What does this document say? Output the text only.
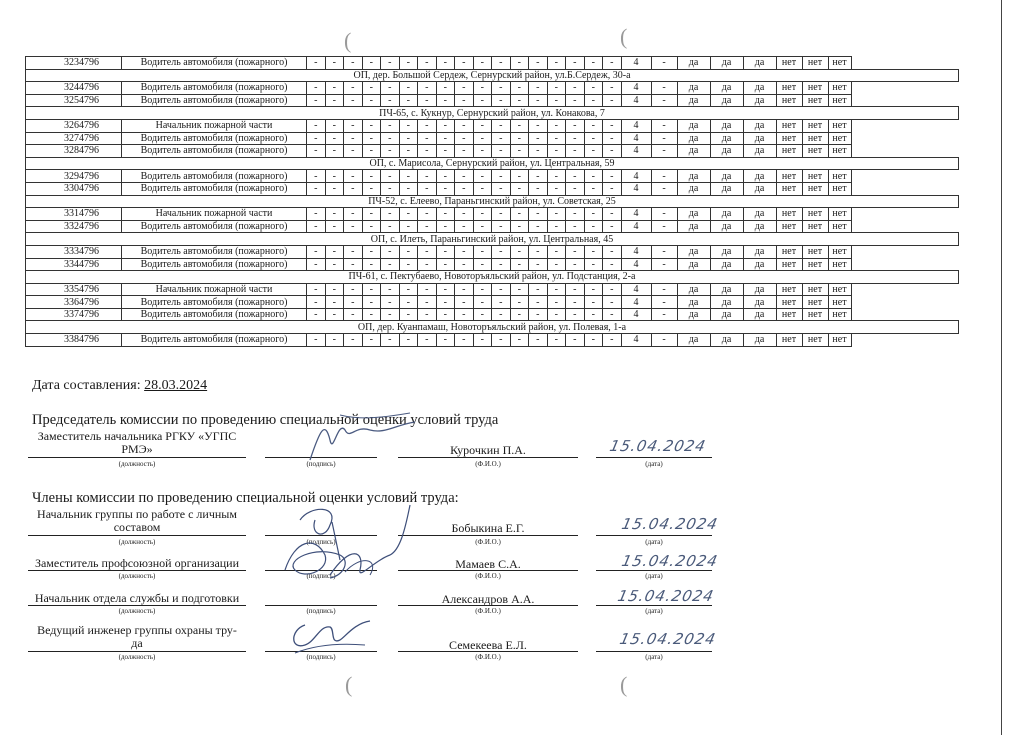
(	(
(	(
3234796	Водитель автомобиля (пожарного)	-	-	-	-	-	-	-	-	-	-	-	-	-	-	-	-	-	4	-	да	да	да	нет	нет	нет
ОП, дер. Большой Сердеж, Сернурский район, ул.Б.Сердеж, 30-а																										
3244796	Водитель автомобиля (пожарного)	-	-	-	-	-	-	-	-	-	-	-	-	-	-	-	-	-	4	-	да	да	да	нет	нет	нет
3254796	Водитель автомобиля (пожарного)	-	-	-	-	-	-	-	-	-	-	-	-	-	-	-	-	-	4	-	да	да	да	нет	нет	нет
ПЧ-65, с. Кукнур, Сернурский район, ул. Конакова, 7																										
3264796	Начальник пожарной части	-	-	-	-	-	-	-	-	-	-	-	-	-	-	-	-	-	4	-	да	да	да	нет	нет	нет
3274796	Водитель автомобиля (пожарного)	-	-	-	-	-	-	-	-	-	-	-	-	-	-	-	-	-	4	-	да	да	да	нет	нет	нет
3284796	Водитель автомобиля (пожарного)	-	-	-	-	-	-	-	-	-	-	-	-	-	-	-	-	-	4	-	да	да	да	нет	нет	нет
ОП, с. Марисола, Сернурский район, ул. Центральная, 59																										
3294796	Водитель автомобиля (пожарного)	-	-	-	-	-	-	-	-	-	-	-	-	-	-	-	-	-	4	-	да	да	да	нет	нет	нет
3304796	Водитель автомобиля (пожарного)	-	-	-	-	-	-	-	-	-	-	-	-	-	-	-	-	-	4	-	да	да	да	нет	нет	нет
ПЧ-52, с. Елеево, Параньгинский район, ул. Советская, 25																										
3314796	Начальник пожарной части	-	-	-	-	-	-	-	-	-	-	-	-	-	-	-	-	-	4	-	да	да	да	нет	нет	нет
3324796	Водитель автомобиля (пожарного)	-	-	-	-	-	-	-	-	-	-	-	-	-	-	-	-	-	4	-	да	да	да	нет	нет	нет
ОП, с. Илеть, Параньгинский район, ул. Центральная, 45																										
3334796	Водитель автомобиля (пожарного)	-	-	-	-	-	-	-	-	-	-	-	-	-	-	-	-	-	4	-	да	да	да	нет	нет	нет
3344796	Водитель автомобиля (пожарного)	-	-	-	-	-	-	-	-	-	-	-	-	-	-	-	-	-	4	-	да	да	да	нет	нет	нет
ПЧ-61, с. Пектубаево, Новоторъяльский район, ул. Подстанция, 2-а																										
3354796	Начальник пожарной части	-	-	-	-	-	-	-	-	-	-	-	-	-	-	-	-	-	4	-	да	да	да	нет	нет	нет
3364796	Водитель автомобиля (пожарного)	-	-	-	-	-	-	-	-	-	-	-	-	-	-	-	-	-	4	-	да	да	да	нет	нет	нет
3374796	Водитель автомобиля (пожарного)	-	-	-	-	-	-	-	-	-	-	-	-	-	-	-	-	-	4	-	да	да	да	нет	нет	нет
ОП, дер. Куанпамаш, Новоторъяльский район, ул. Полевая, 1-а																										
3384796	Водитель автомобиля (пожарного)	-	-	-	-	-	-	-	-	-	-	-	-	-	-	-	-	-	4	-	да	да	да	нет	нет	нет
Дата составления: 28.03.2024
Председатель комиссии по проведению специальной оценки условий труда
Заместитель начальника РГКУ «УГПС
РМЭ»
(должность)	(подпись)
Курочкин П.А.
(Ф.И.О.)
15.04.2024
(дата)
Члены комиссии по проведению специальной оценки условий труда:
Начальник группы по работе с личным
составом
(должность)	(подпись)
Бобыкина Е.Г.
(Ф.И.О.)
15.04.2024
(дата)
Заместитель профсоюзной организации
(должность)	(подпись)
Мамаев С.А.
(Ф.И.О.)
15.04.2024
(дата)
Начальник отдела службы и подготовки
(должность)	(подпись)
Александров А.А.
(Ф.И.О.)
15.04.2024
(дата)
Ведущий инженер группы охраны тру-
да
(должность)	(подпись)
Семекеева Е.Л.
(Ф.И.О.)
15.04.2024
(дата)
